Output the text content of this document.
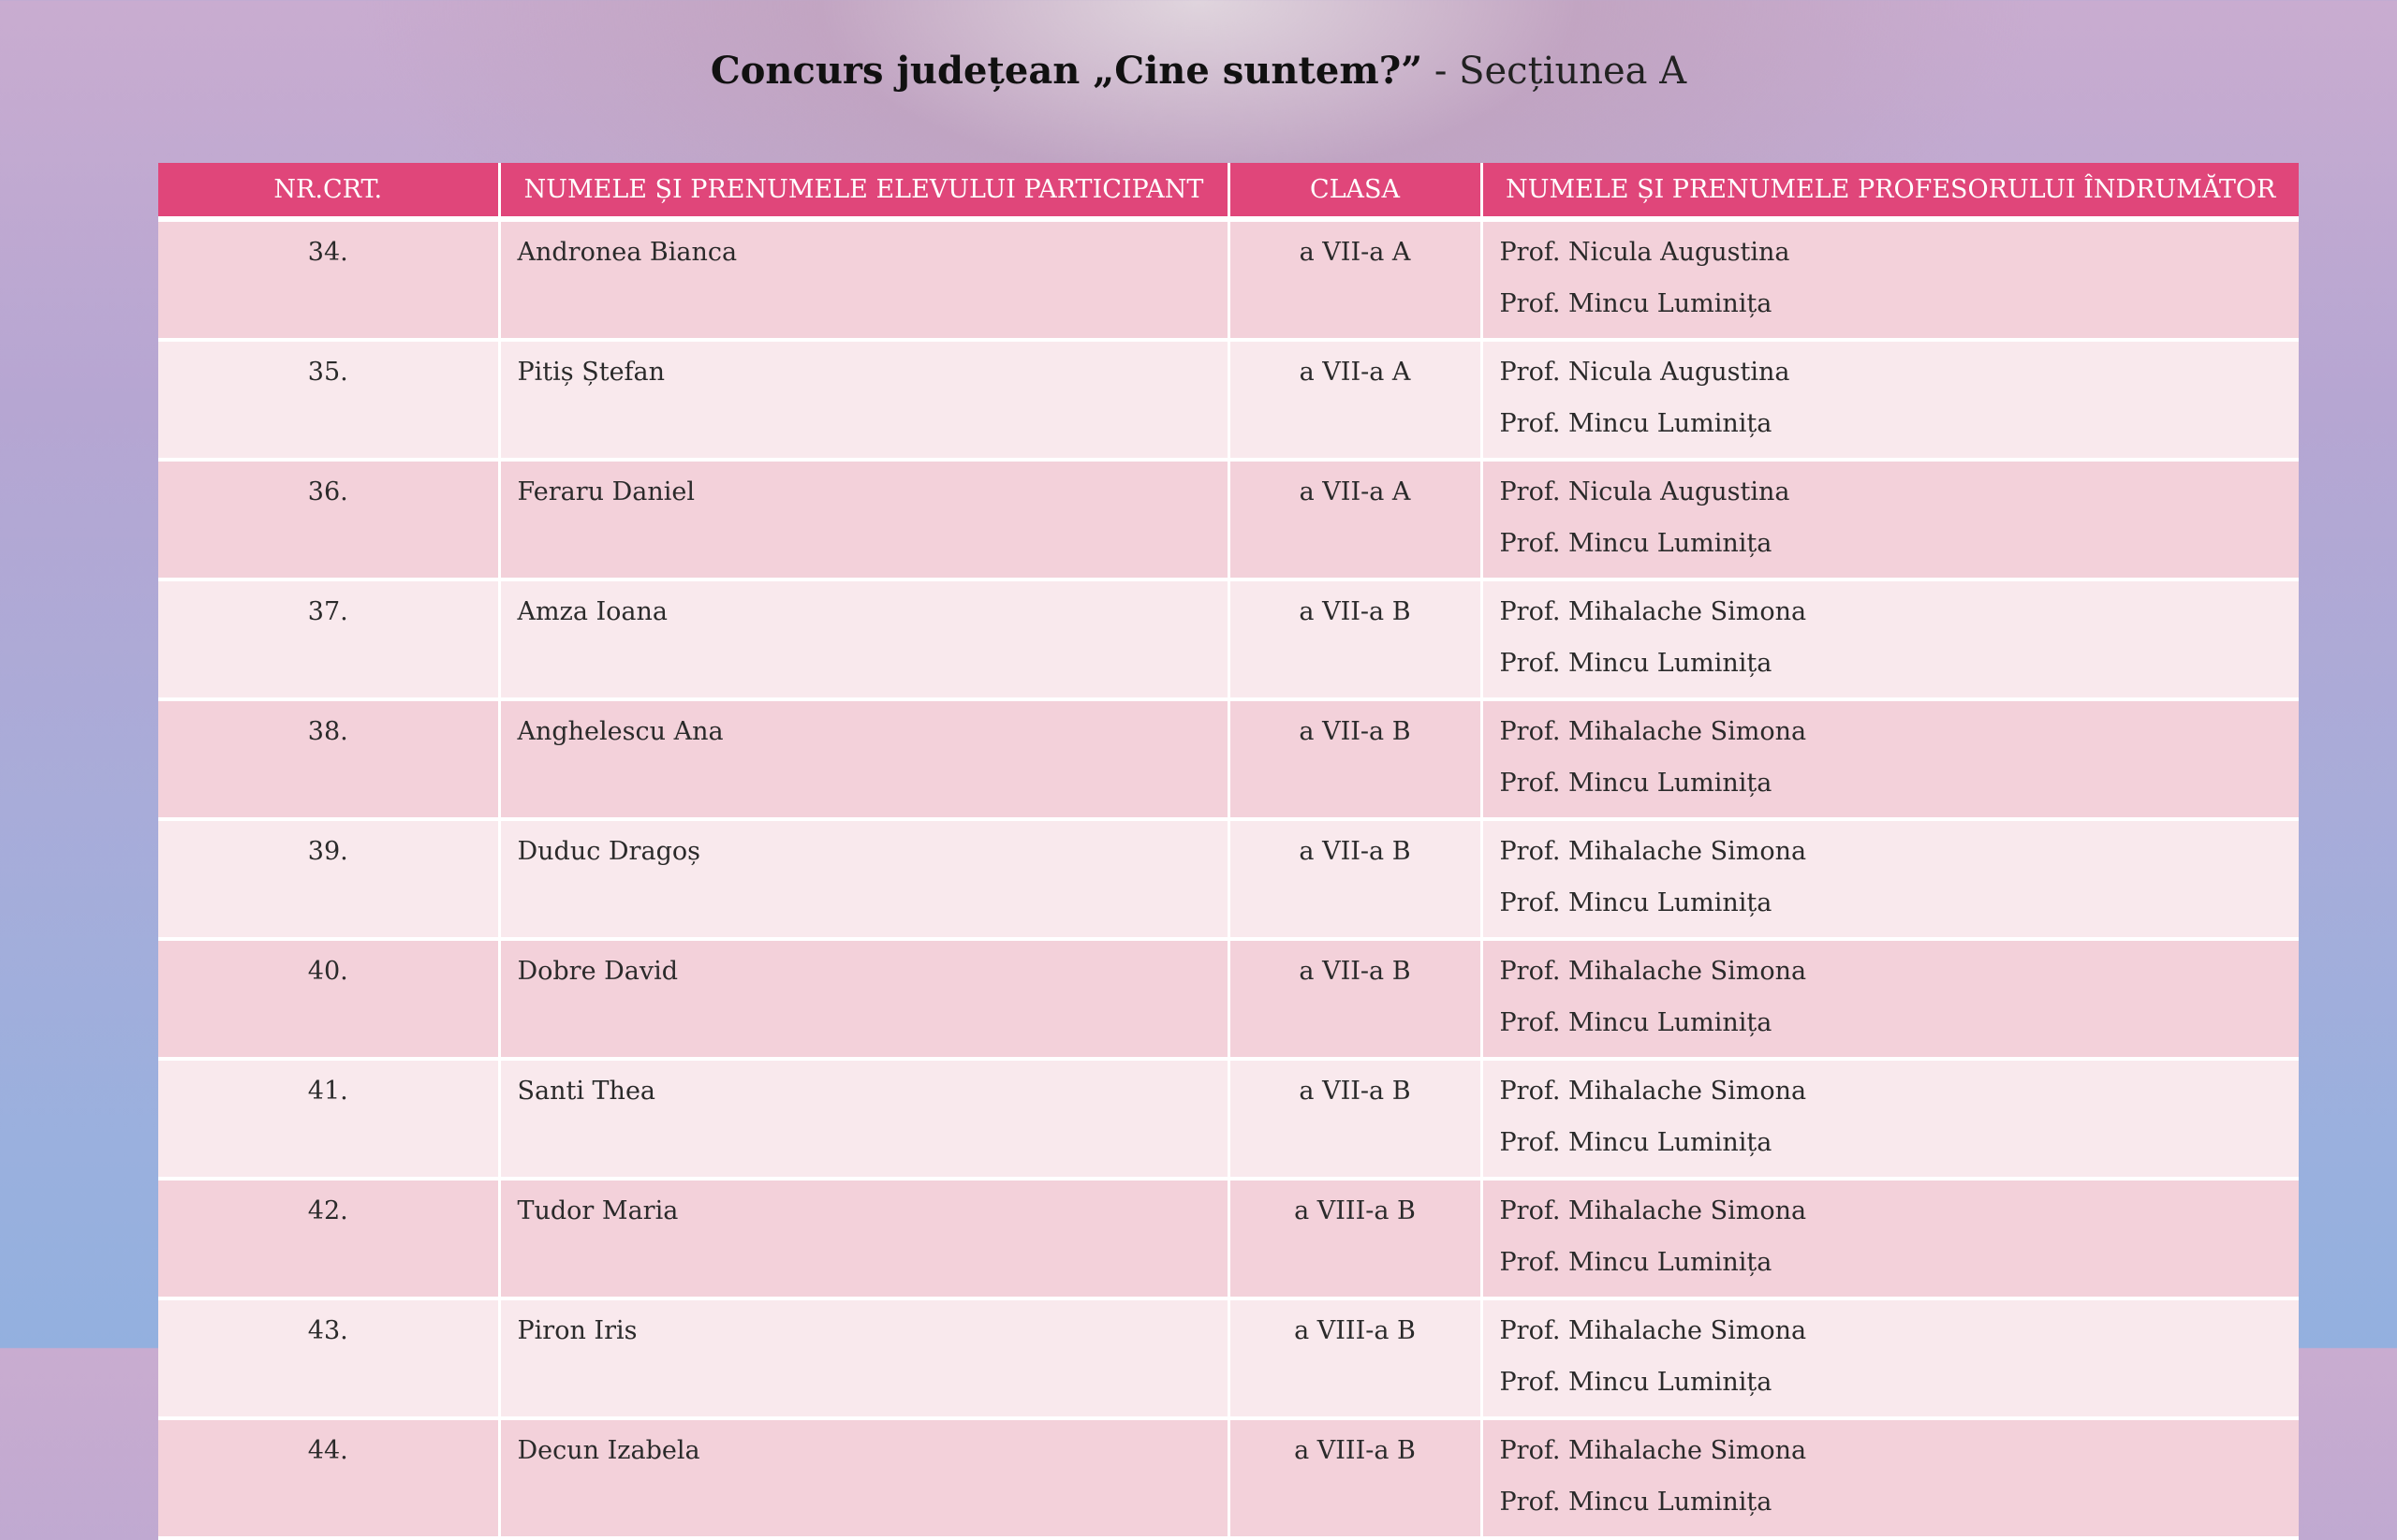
Concurs județean „Cine suntem?” - Secțiunea A
NR.CRT.	NUMELE ȘI PRENUMELE ELEVULUI PARTICIPANT	CLASA	NUMELE ȘI PRENUMELE PROFESORULUI ÎNDRUMĂTOR

34.	Andronea Bianca	a VII-a A	Prof. Nicula Augustina
Prof. Mincu Luminița

35.	Pitiș Ștefan	a VII-a A	Prof. Nicula Augustina
Prof. Mincu Luminița

36.	Feraru Daniel	a VII-a A	Prof. Nicula Augustina
Prof. Mincu Luminița

37.	Amza Ioana	a VII-a B	Prof. Mihalache Simona
Prof. Mincu Luminița

38.	Anghelescu Ana	a VII-a B	Prof. Mihalache Simona
Prof. Mincu Luminița

39.	Duduc Dragoș	a VII-a B	Prof. Mihalache Simona
Prof. Mincu Luminița

40.	Dobre David	a VII-a B	Prof. Mihalache Simona
Prof. Mincu Luminița

41.	Santi Thea	a VII-a B	Prof. Mihalache Simona
Prof. Mincu Luminița

42.	Tudor Maria	a VIII-a B	Prof. Mihalache Simona
Prof. Mincu Luminița

43.	Piron Iris	a VIII-a B	Prof. Mihalache Simona
Prof. Mincu Luminița

44.	Decun Izabela	a VIII-a B	Prof. Mihalache Simona
Prof. Mincu Luminița
